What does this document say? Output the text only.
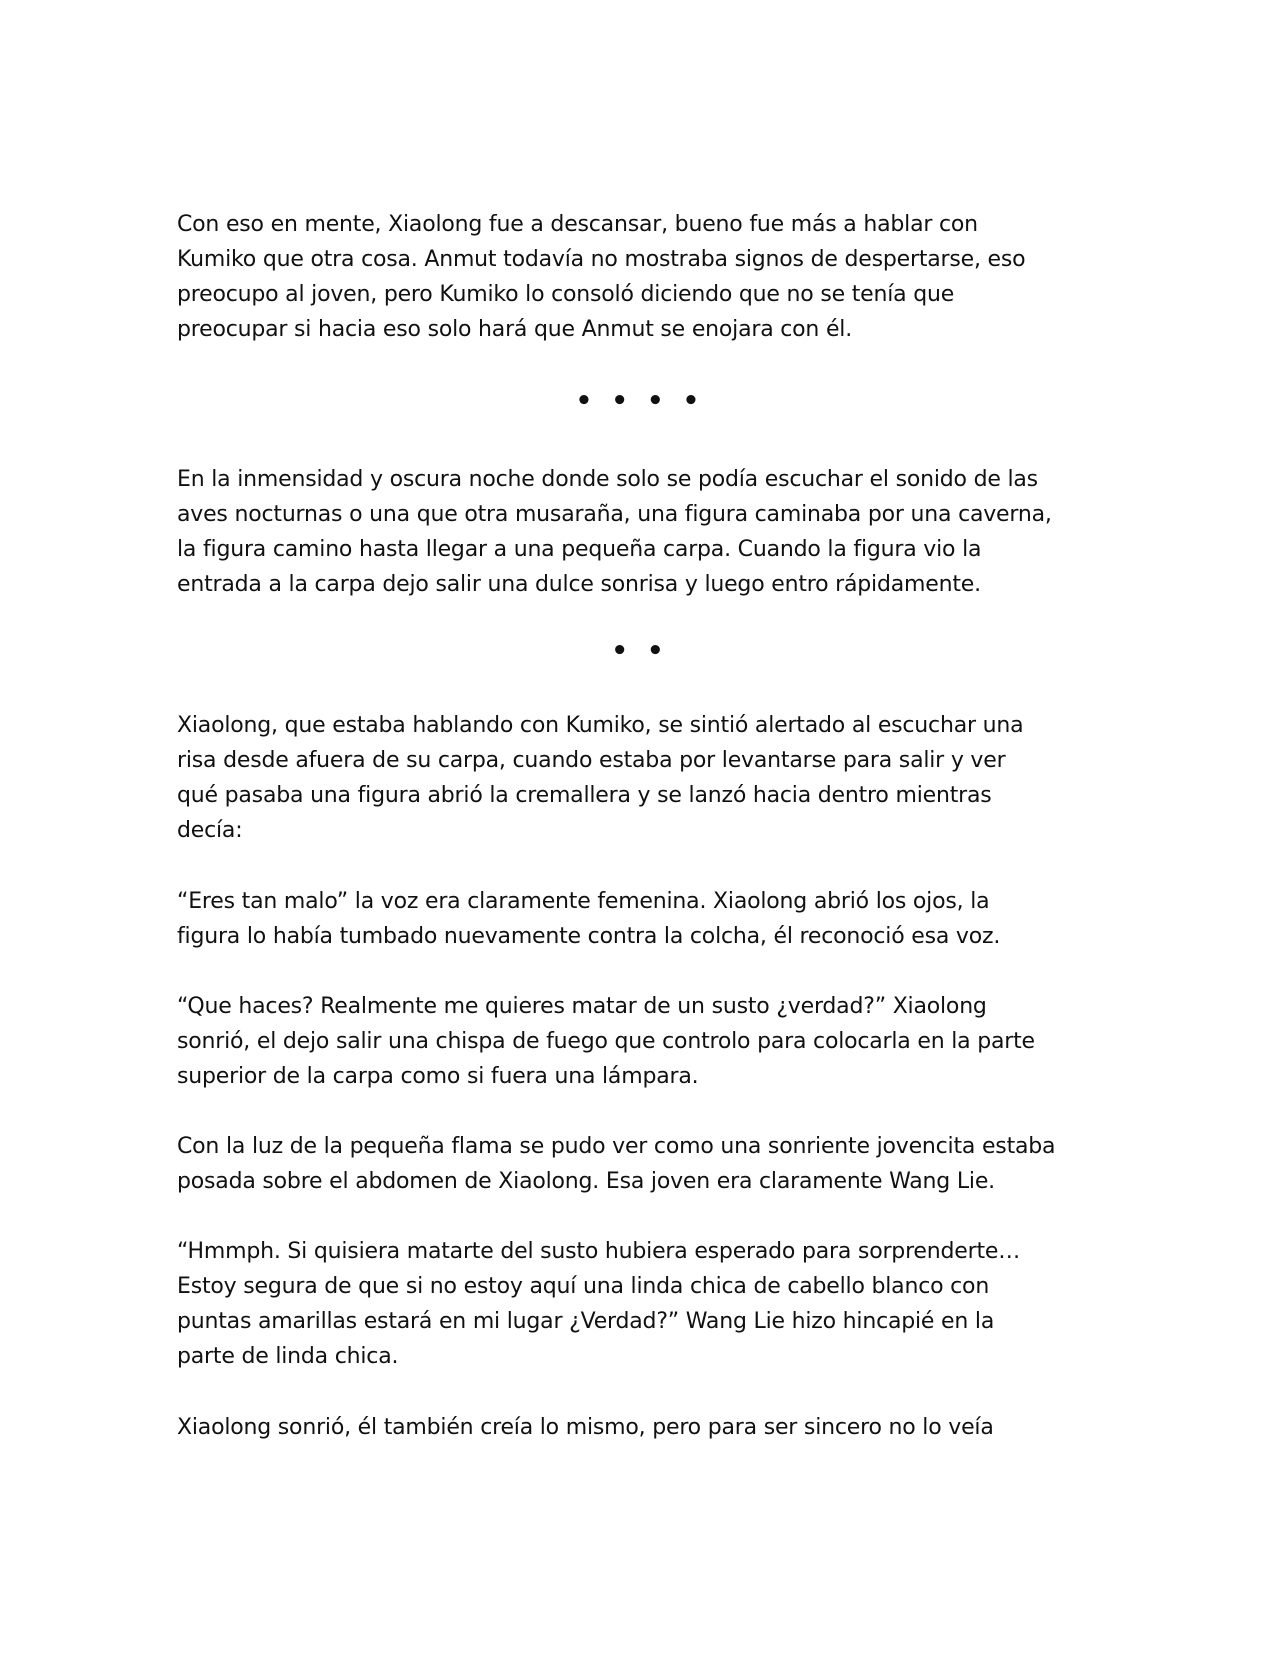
Con eso en mente, Xiaolong fue a descansar, bueno fue más a hablar con
Kumiko que otra cosa. Anmut todavía no mostraba signos de despertarse, eso
preocupo al joven, pero Kumiko lo consoló diciendo que no se tenía que
preocupar si hacia eso solo hará que Anmut se enojara con él.

• • • •

En la inmensidad y oscura noche donde solo se podía escuchar el sonido de las
aves nocturnas o una que otra musaraña, una figura caminaba por una caverna,
la figura camino hasta llegar a una pequeña carpa. Cuando la figura vio la
entrada a la carpa dejo salir una dulce sonrisa y luego entro rápidamente.

• •

Xiaolong, que estaba hablando con Kumiko, se sintió alertado al escuchar una
risa desde afuera de su carpa, cuando estaba por levantarse para salir y ver
qué pasaba una figura abrió la cremallera y se lanzó hacia dentro mientras
decía:

“Eres tan malo” la voz era claramente femenina. Xiaolong abrió los ojos, la
figura lo había tumbado nuevamente contra la colcha, él reconoció esa voz.

“Que haces? Realmente me quieres matar de un susto ¿verdad?” Xiaolong
sonrió, el dejo salir una chispa de fuego que controlo para colocarla en la parte
superior de la carpa como si fuera una lámpara.

Con la luz de la pequeña flama se pudo ver como una sonriente jovencita estaba
posada sobre el abdomen de Xiaolong. Esa joven era claramente Wang Lie.

“Hmmph. Si quisiera matarte del susto hubiera esperado para sorprenderte…
Estoy segura de que si no estoy aquí una linda chica de cabello blanco con
puntas amarillas estará en mi lugar ¿Verdad?” Wang Lie hizo hincapié en la
parte de linda chica.

Xiaolong sonrió, él también creía lo mismo, pero para ser sincero no lo veía
